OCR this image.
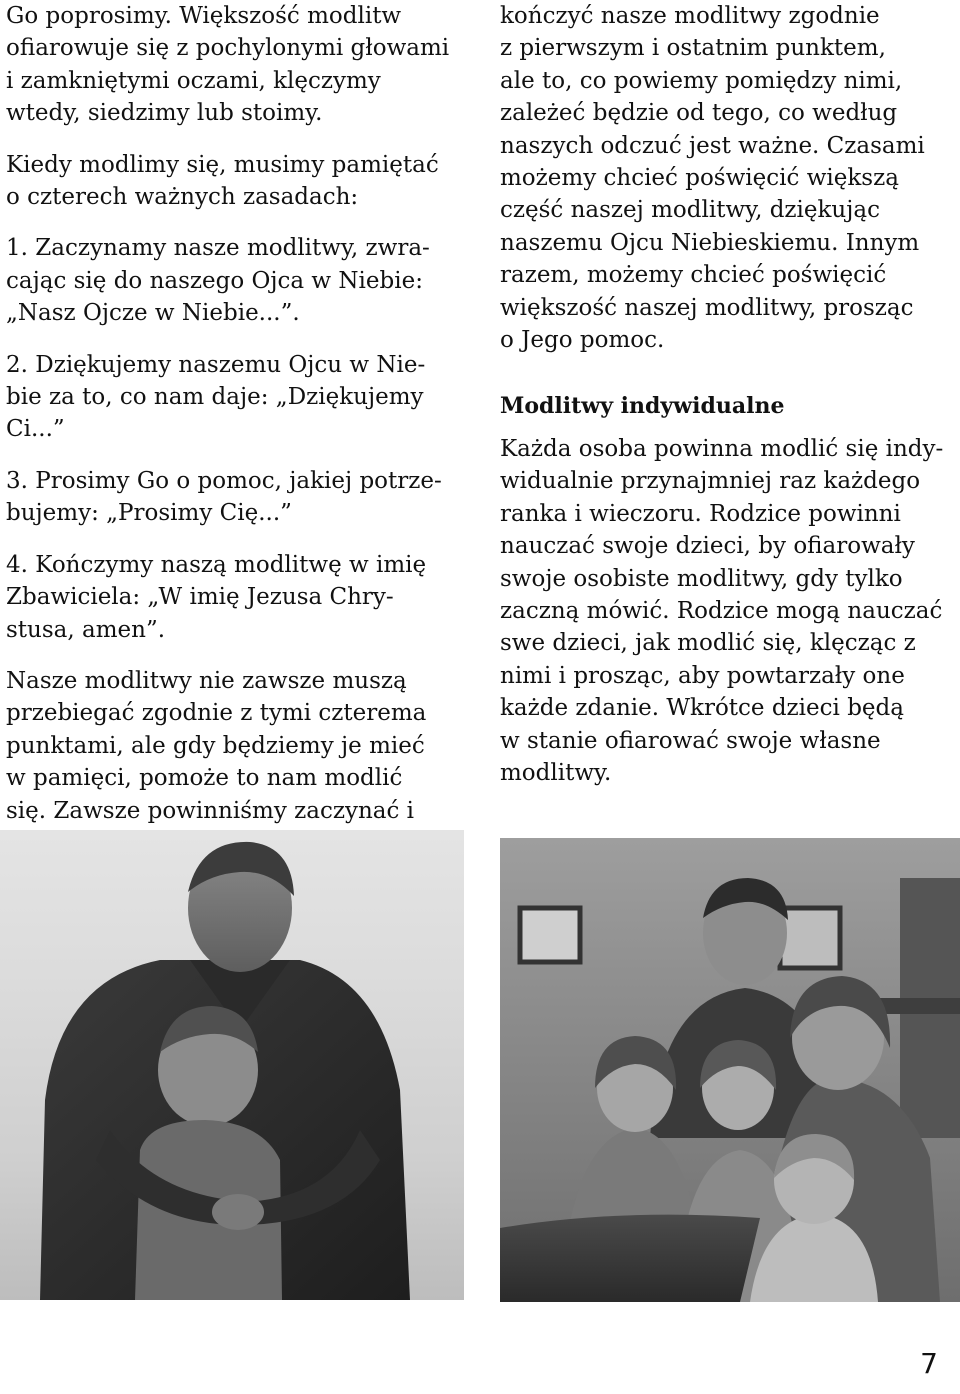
Go poprosimy. Większość modlitw
ofiarowuje się z pochylonymi głowami
i zamkniętymi oczami, klęczymy
wtedy, siedzimy lub stoimy.

Kiedy modlimy się, musimy pamiętać
o czterech ważnych zasadach:

1. Zaczynamy nasze modlitwy, zwra-
cając się do naszego Ojca w Niebie:
„Nasz Ojcze w Niebie...”.

2. Dziękujemy naszemu Ojcu w Nie-
bie za to, co nam daje: „Dziękujemy
Ci...”

3. Prosimy Go o pomoc, jakiej potrze-
bujemy: „Prosimy Cię...”

4. Kończymy naszą modlitwę w imię
Zbawiciela: „W imię Jezusa Chry-
stusa, amen”.

Nasze modlitwy nie zawsze muszą
przebiegać zgodnie z tymi czterema
punktami, ale gdy będziemy je mieć
w pamięci, pomoże to nam modlić
się. Zawsze powinniśmy zaczynać i

kończyć nasze modlitwy zgodnie
z pierwszym i ostatnim punktem,
ale to, co powiemy pomiędzy nimi,
zależeć będzie od tego, co według
naszych odczuć jest ważne. Czasami
możemy chcieć poświęcić większą
część naszej modlitwy, dziękując
naszemu Ojcu Niebieskiemu. Innym
razem, możemy chcieć poświęcić
większość naszej modlitwy, prosząc
o Jego pomoc.

Modlitwy indywidualne

Każda osoba powinna modlić się indy-
widualnie przynajmniej raz każdego
ranka i wieczoru. Rodzice powinni
nauczać swoje dzieci, by ofiarowały
swoje osobiste modlitwy, gdy tylko
zaczną mówić. Rodzice mogą nauczać
swe dzieci, jak modlić się, klęcząc z
nimi i prosząc, aby powtarzały one
każde zdanie. Wkrótce dzieci będą
w stanie ofiarować swoje własne
modlitwy.

7
